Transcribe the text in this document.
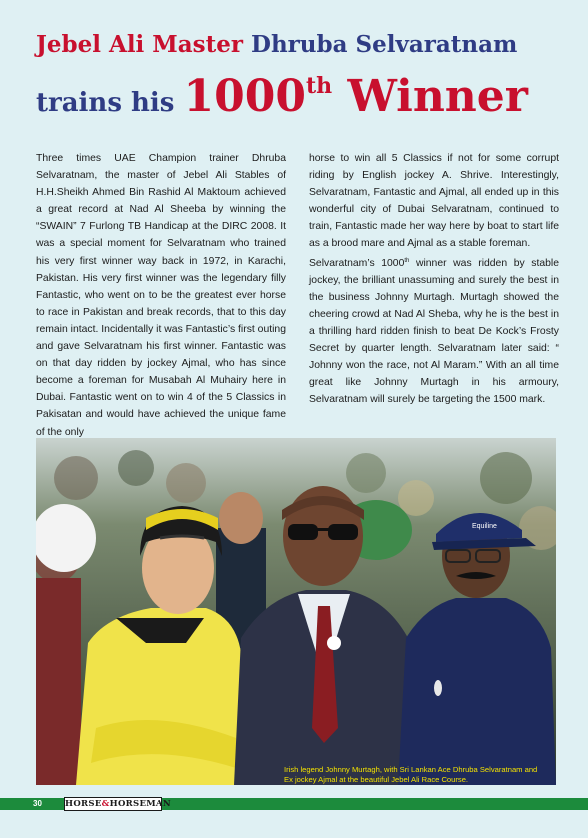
Jebel Ali Master Dhruba Selvaratnam
trains his 1000th Winner

Three times UAE Champion trainer Dhruba Selvaratnam, the master of Jebel Ali Stables of H.H.Sheikh Ahmed Bin Rashid Al Maktoum achieved a great record at Nad Al Sheeba by winning the “SWAIN” 7 Furlong TB Handicap at the DIRC 2008. It was a special moment for Selvaratnam who trained his very first winner way back in 1972, in Karachi, Pakistan. His very first winner was the legendary filly Fantastic, who went on to be the greatest ever horse to race in Pakistan and break records, that to this day remain intact. Incidentally it was Fantastic’s first outing and gave Selvaratnam his first winner. Fantastic was on that day ridden by jockey Ajmal, who has since become a foreman for Musabah Al Muhairy here in Dubai. Fantastic went on to win 4 of the 5 Classics in Pakisatan and would have achieved the unique fame of the only

horse to win all 5 Classics if not for some corrupt riding by English jockey A. Shrive. Interestingly, Selvaratnam, Fantastic and Ajmal, all ended up in this wonderful city of Dubai Selvaratnam, continued to train, Fantastic made her way here by boat to start life as a brood mare and Ajmal as a stable foreman.

Selvaratnam’s 1000th winner was ridden by stable jockey, the brilliant unassuming and surely the best in the business Johnny Murtagh. Murtagh showed the cheering crowd at Nad Al Sheba, why he is the best in a thrilling hard ridden finish to beat De Kock’s Frosty Secret by quarter length. Selvaratnam later said: “ Johnny won the race, not Al Maram.” With an all time great like Johnny Murtagh in his armoury, Selvaratnam will surely be targeting the 1500 mark.

Equiline
Irish legend Johnny Murtagh, with Sri Lankan Ace Dhruba Selvaratnam and Ex jockey Ajmal at the beautiful Jebel Ali Race Course.
30	HORSE&HORSEMAN
